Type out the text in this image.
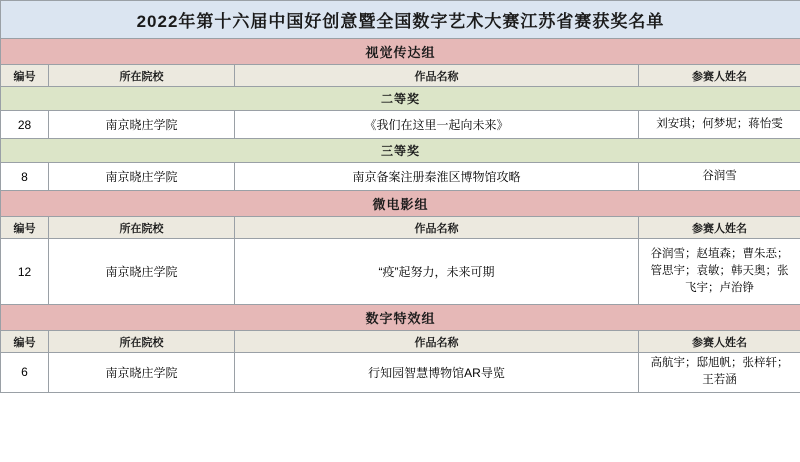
2022年第十六届中国好创意暨全国数字艺术大赛江苏省赛获奖名单			
视觉传达组			
编号	所在院校	作品名称	参赛人姓名
二等奖			
28	南京晓庄学院	《我们在这里一起向未来》	刘安琪；何梦坭；蒋怡雯
三等奖			
8	南京晓庄学院	南京备案注册秦淮区博物馆攻略	谷润雪
微电影组			
编号	所在院校	作品名称	参赛人姓名
12	南京晓庄学院	“疫”起努力，未来可期	谷润雪；赵埴森；曹朱忢；管思宇；袁敏；韩天奥；张飞宇；卢治铮

数字特效组			
编号	所在院校	作品名称	参赛人姓名
6	南京晓庄学院	行知园智慧博物馆AR导览	高航宇；邸旭帆；张梓轩；王若涵
